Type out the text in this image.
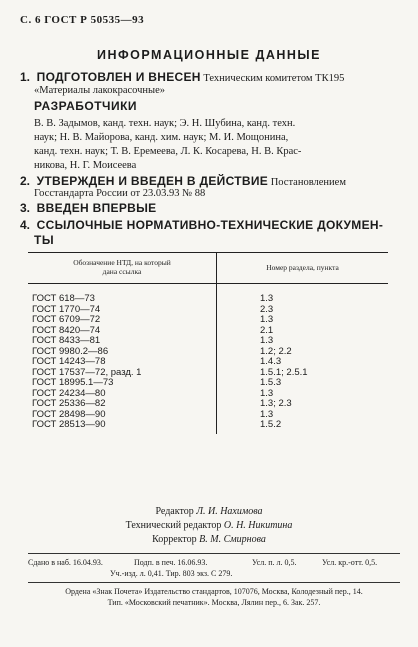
С. 6 ГОСТ Р 50535—93
ИНФОРМАЦИОННЫЕ ДАННЫЕ
1. ПОДГОТОВЛЕН И ВНЕСЕН Техническим комитетом ТК195
«Материалы лакокрасочные»
РАЗРАБОТЧИКИ
В. В. Задымов, канд. техн. наук; Э. Н. Шубина, канд. техн.
наук; Н. В. Майорова, канд. хим. наук; М. И. Мощонина,
канд. техн. наук; Т. В. Еремеева, Л. К. Косарева, Н. В. Крас-
никова, Н. Г. Моисеева
2. УТВЕРЖДЕН И ВВЕДЕН В ДЕЙСТВИЕ Постановлением
Госстандарта России от 23.03.93 № 88
3. ВВЕДЕН ВПЕРВЫЕ
4. ССЫЛОЧНЫЕ НОРМАТИВНО-ТЕХНИЧЕСКИЕ ДОКУМЕН-
ТЫ
Обозначение НТД, на который
дана ссылка	Номер раздела, пункта
ГОСТ 618—73	1.3
ГОСТ 1770—74	2.3
ГОСТ 6709—72	1.3
ГОСТ 8420—74	2.1
ГОСТ 8433—81	1.3
ГОСТ 9980.2—86	1.2; 2.2
ГОСТ 14243—78	1.4.3
ГОСТ 17537—72, разд. 1	1.5.1; 2.5.1
ГОСТ 18995.1—73	1.5.3
ГОСТ 24234—80	1.3
ГОСТ 25336—82	1.3; 2.3
ГОСТ 28498—90	1.3
ГОСТ 28513—90	1.5.2
Редактор Л. И. Нахимова
Технический редактор О. Н. Никитина
Корректор В. М. Смирнова
Сдано в наб. 16.04.93.	Подп. в печ. 16.06.93.	Усл. п. л. 0,5.	Усл. кр.-отт. 0,5.
Уч.-изд. л. 0,41. Тир. 803 экз. С 279.
Ордена «Знак Почета» Издательство стандартов, 107076, Москва, Колодезный пер., 14.
Тип. «Московский печатник». Москва, Лялин пер., 6. Зак. 257.
